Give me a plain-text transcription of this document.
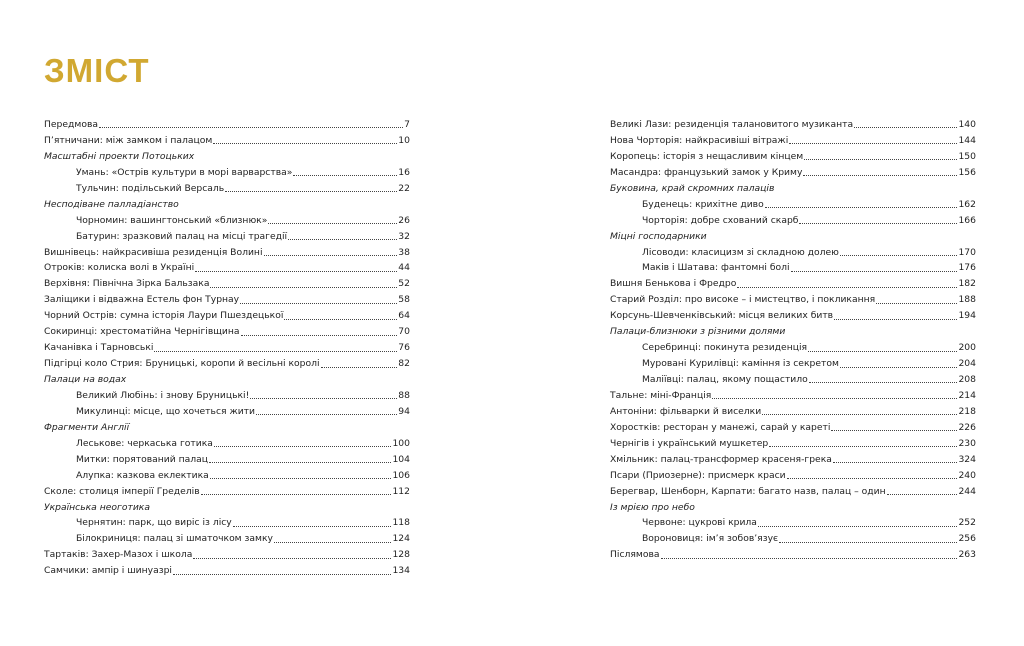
ЗМІСТ
Передмова	7
П’ятничани: між замком і палацом	10
Масштабні проекти Потоцьких
Умань: «Острів культури в морі варварства»	16
Тульчин: подільський Версаль	22
Несподіване палладіанство
Чорномин: вашингтонський «близнюк»	26
Батурин: зразковий палац на місці трагедії	32
Вишнівець: найкрасивіша резиденція Волині	38
Отроків: колиска волі в Україні	44
Верхівня: Північна Зірка Бальзака	52
Заліщики і відважна Естель фон Турнау	58
Чорний Острів: сумна історія Лаури Пшездецької	64
Сокиринці: хрестоматійна Чернігівщина	70
Качанівка і Тарновські	76
Підгірці коло Стрия: Бруницькі, коропи й весільні королі	82
Палаци на водах
Великий Любінь: і знову Бруницькі!	88
Микулинці: місце, що хочеться жити	94
Фрагменти Англії
Леськове: черкаська готика	100
Митки: порятований палац	104
Алупка: казкова еклектика	106
Сколе: столиця імперії Гределів	112
Українська неоготика
Чернятин: парк, що виріс із лісу	118
Білокриниця: палац зі шматочком замку	124
Тартаків: Захер-Мазох і школа	128
Самчики: ампір і шинуазрі	134
Великі Лази: резиденція талановитого музиканта	140
Нова Чорторія: найкрасивіші вітражі	144
Коропець: історія з нещасливим кінцем	150
Масандра: французький замок у Криму	156
Буковина, край скромних палаців
Буденець: крихітне диво	162
Чорторія: добре схований скарб	166
Міцні господарники
Лісоводи: класицизм зі складною долею	170
Маків і Шатава: фантомні болі	176
Вишня Бенькова і Фредро	182
Старий Розділ: про високе – і мистецтво, і покликання	188
Корсунь-Шевченківський: місця великих битв	194
Палаци-близнюки з різними долями
Серебринці: покинута резиденція	200
Муровані Курилівці: каміння із секретом	204
Маліївці: палац, якому пощастило	208
Тальне: міні-Франція	214
Антоніни: фільварки й виселки	218
Хоростків: ресторан у манежі, сарай у кареті	226
Чернігів і український мушкетер	230
Хмільник: палац-трансформер красеня-грека	324
Псари (Приозерне): присмерк краси	240
Берегвар, Шенборн, Карпати: багато назв, палац – один	244
Із мрією про небо
Червоне: цукрові крила	252
Вороновиця: ім’я зобов’язує	256
Післямова	263
